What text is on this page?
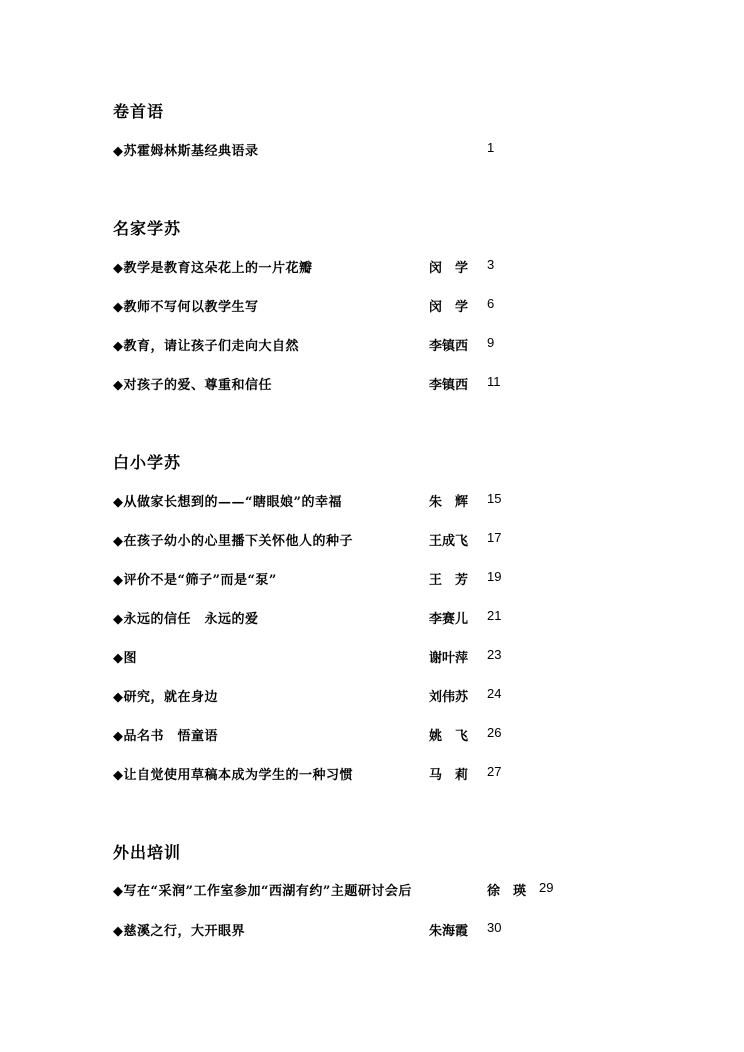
卷首语
◆苏霍姆林斯基经典语录	1
名家学苏
◆教学是教育这朵花上的一片花瓣	闵　学 3
◆教师不写何以教学生写	闵　学 6
◆教育，请让孩子们走向大自然	李镇西 9
◆对孩子的爱、尊重和信任	李镇西 11
白小学苏
◆从做家长想到的——“瞎眼娘”的幸福	朱　辉 15
◆在孩子幼小的心里播下关怀他人的种子	王成飞 17
◆评价不是“筛子”而是“泵”	王　芳 19
◆永远的信任　永远的爱	李赛儿 21
◆图	谢叶萍 23
◆研究，就在身边	刘伟苏 24
◆品名书　悟童语	姚　飞 26
◆让自觉使用草稿本成为学生的一种习惯	马　莉 27
外出培训
◆写在“采润”工作室参加“西湖有约”主题研讨会后	徐　瑛 29
◆慈溪之行，大开眼界	朱海霞 30
